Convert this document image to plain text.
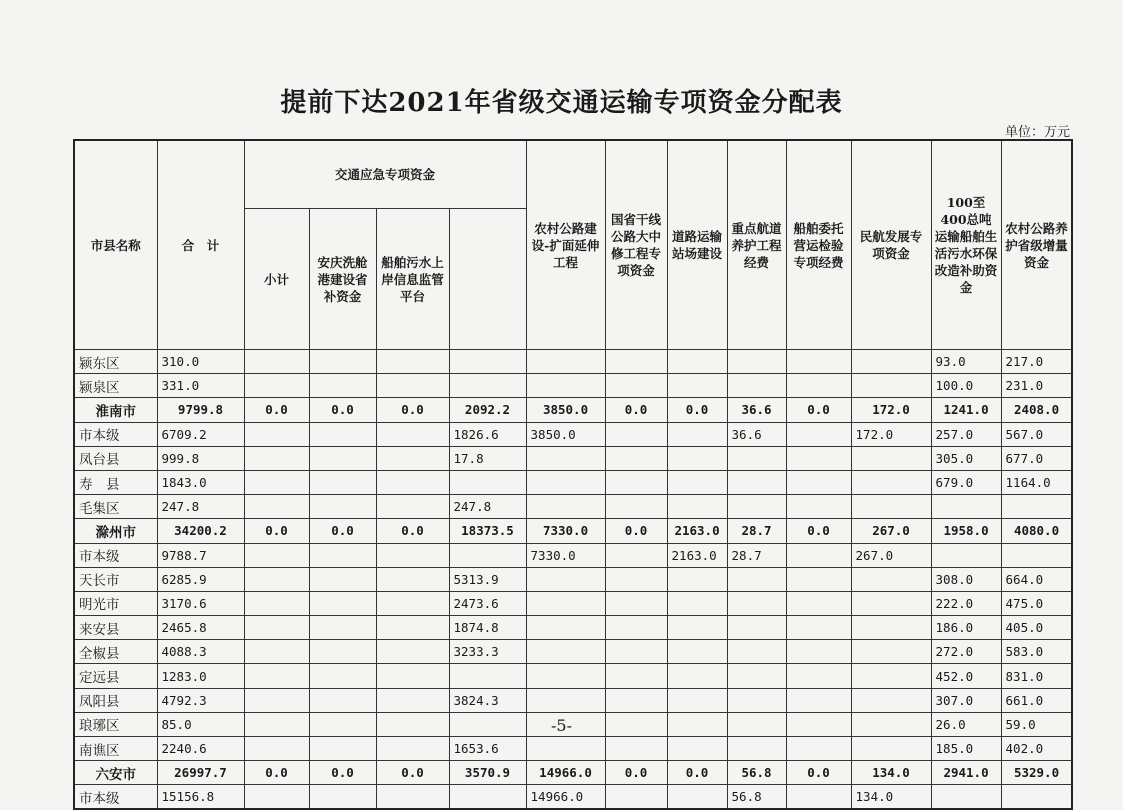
提前下达2021年省级交通运输专项资金分配表
单位：万元
市县名称	合　计	交通应急专项资金				农村公路建设-扩面延伸工程	国省干线公路大中修工程专项资金	道路运输站场建设	重点航道养护工程经费	船舶委托营运检验专项经费	民航发展专项资金	100至400总吨运输船舶生活污水环保改造补助资金	农村公路养护省级增量资金	
		小计	安庆洗舱港建设省补资金	船舶污水上岸信息监管平台										
颍东区	310.0											93.0	217.0	
颍泉区	331.0											100.0	231.0	
淮南市	9799.8	0.0	0.0	0.0	2092.2	3850.0	0.0	0.0	36.6	0.0	172.0	1241.0	2408.0	
市本级	6709.2				1826.6	3850.0			36.6		172.0	257.0	567.0	
凤台县	999.8				17.8							305.0	677.0	
寿　县	1843.0											679.0	1164.0	
毛集区	247.8				247.8									
滁州市	34200.2	0.0	0.0	0.0	18373.5	7330.0	0.0	2163.0	28.7	0.0	267.0	1958.0	4080.0	
市本级	9788.7					7330.0		2163.0	28.7		267.0			
天长市	6285.9				5313.9							308.0	664.0	
明光市	3170.6				2473.6							222.0	475.0	
来安县	2465.8				1874.8							186.0	405.0	
全椒县	4088.3				3233.3							272.0	583.0	
定远县	1283.0											452.0	831.0	
凤阳县	4792.3				3824.3							307.0	661.0	
琅琊区	85.0											26.0	59.0	
南谯区	2240.6				1653.6							185.0	402.0	
六安市	26997.7	0.0	0.0	0.0	3570.9	14966.0	0.0	0.0	56.8	0.0	134.0	2941.0	5329.0	
市本级	15156.8					14966.0			56.8		134.0			
-5-
